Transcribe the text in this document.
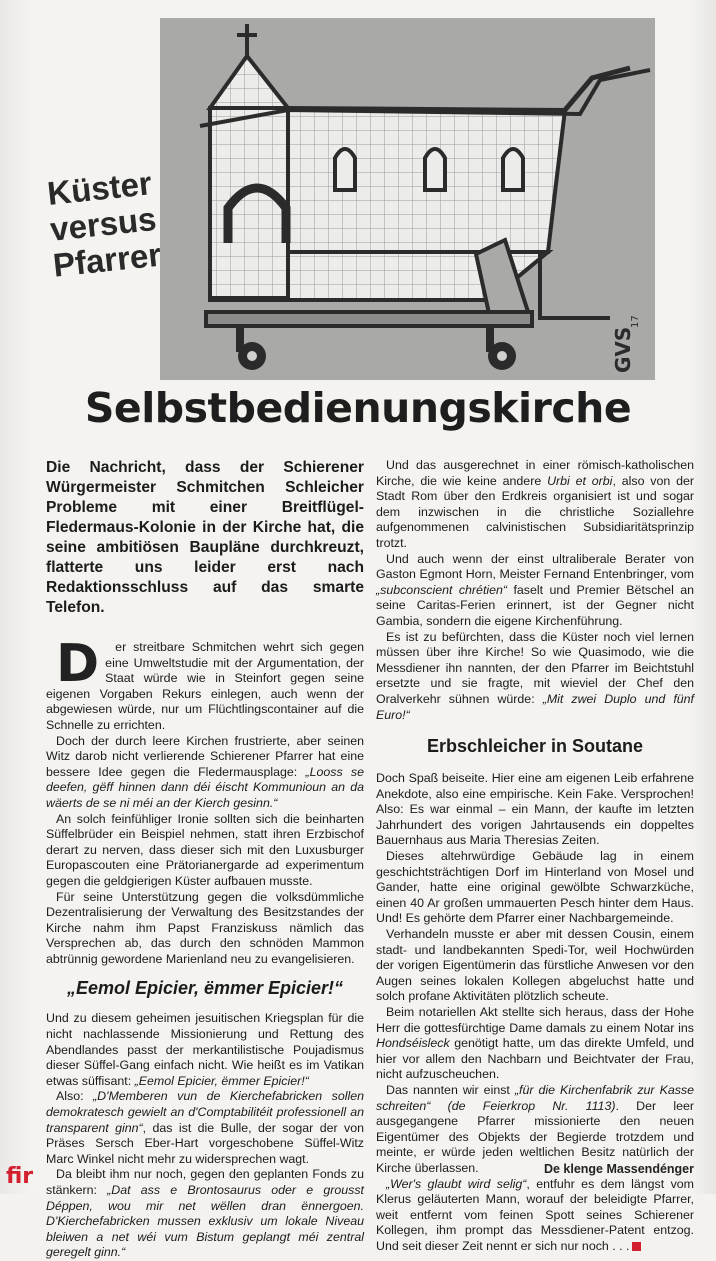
GVS
17
Küster
versus
Pfarrer
Selbstbedienungskirche

Die Nachricht, dass der Schierener Würgermeister Schmitchen Schleicher Probleme mit einer Breitflügel-Fledermaus-Kolonie in der Kirche hat, die seine ambitiösen Baupläne durchkreuzt, flatterte uns leider erst nach Redaktionsschluss auf das smarte Telefon.

D er streitbare Schmitchen wehrt sich gegen eine Umweltstudie mit der Argumentation, der Staat würde wie in Steinfort gegen seine eigenen Vorgaben Rekurs einlegen, auch wenn der abgewiesen würde, nur um Flüchtlingscontainer auf die Schnelle zu errichten.

Doch der durch leere Kirchen frustrierte, aber seinen Witz darob nicht verlierende Schierener Pfarrer hat eine bessere Idee gegen die Fledermausplage: „Looss se deefen, gëff hinnen dann déi éischt Kommunioun an da wäerts de se ni méi an der Kierch gesinn.“

An solch feinfühliger Ironie sollten sich die beinharten Süffelbrüder ein Beispiel nehmen, statt ihren Erzbischof derart zu nerven, dass dieser sich mit den Luxusburger Europascouten eine Prätorianergarde ad experimentum gegen die geldgierigen Küster aufbauen musste.

Für seine Unterstützung gegen die volksdümmliche Dezentralisierung der Verwaltung des Besitzstandes der Kirche nahm ihm Papst Franziskuss nämlich das Versprechen ab, das durch den schnöden Mammon abtrünnig gewordene Marienland neu zu evangelisieren.

„Eemol Epicier, ëmmer Epicier!“

Und zu diesem geheimen jesuitischen Kriegsplan für die nicht nachlassende Missionierung und Rettung des Abendlandes passt der merkantilistische Poujadismus dieser Süffel-Gang einfach nicht. Wie heißt es im Vatikan etwas süffisant: „Eemol Epicier, ëmmer Epicier!“

Also: „D'Memberen vun de Kierchefabricken sollen demokratesch gewielt an d'Comptabilitéit professionell an transparent ginn“, das ist die Bulle, der sogar der von Präses Sersch Eber-Hart vorgeschobene Süffel-Witz Marc Winkel nicht mehr zu widersprechen wagt.

Da bleibt ihm nur noch, gegen den geplanten Fonds zu stänkern: „Dat ass e Brontosaurus oder e grousst Déppen, wou mir net wëllen dran ënnergoen. D'Kierchefabricken mussen exklusiv um lokale Niveau bleiwen a net wéi vum Bistum geplangt méi zentral geregelt ginn.“

Und das ausgerechnet in einer römisch-katholischen Kirche, die wie keine andere Urbi et orbi, also von der Stadt Rom über den Erdkreis organisiert ist und sogar dem inzwischen in die christliche Soziallehre aufgenommenen calvinistischen Subsidiaritätsprinzip trotzt.

Und auch wenn der einst ultraliberale Berater von Gaston Egmont Horn, Meister Fernand Entenbringer, vom „subconscient chrétien“ faselt und Premier Bëtschel an seine Caritas-Ferien erinnert, ist der Gegner nicht Gambia, sondern die eigene Kirchenführung.

Es ist zu befürchten, dass die Küster noch viel lernen müssen über ihre Kirche! So wie Quasimodo, wie die Messdiener ihn nannten, der den Pfarrer im Beichtstuhl ersetzte und sie fragte, mit wieviel der Chef den Oralverkehr sühnen würde: „Mit zwei Duplo und fünf Euro!“

Erbschleicher in Soutane

Doch Spaß beiseite. Hier eine am eigenen Leib erfahrene Anekdote, also eine empirische. Kein Fake. Versprochen! Also: Es war einmal – ein Mann, der kaufte im letzten Jahrhundert des vorigen Jahrtausends ein doppeltes Bauernhaus aus Maria Theresias Zeiten.

Dieses altehrwürdige Gebäude lag in einem geschichtsträchtigen Dorf im Hinterland von Mosel und Gander, hatte eine original gewölbte Schwarzküche, einen 40 Ar großen ummauerten Pesch hinter dem Haus. Und! Es gehörte dem Pfarrer einer Nachbargemeinde.

Verhandeln musste er aber mit dessen Cousin, einem stadt- und landbekannten Spedi-Tor, weil Hochwürden der vorigen Eigentümerin das fürstliche Anwesen vor den Augen seines lokalen Kollegen abgeluchst hatte und solch profane Aktivitäten plötzlich scheute.

Beim notariellen Akt stellte sich heraus, dass der Hohe Herr die gottesfürchtige Dame damals zu einem Notar ins Hondséisleck genötigt hatte, um das direkte Umfeld, und hier vor allem den Nachbarn und Beichtvater der Frau, nicht aufzuscheuchen.

Das nannten wir einst „für die Kirchenfabrik zur Kasse schreiten“ (de Feierkrop Nr. 1113). Der leer ausgegangene Pfarrer missionierte den neuen Eigentümer des Objekts der Begierde trotzdem und meinte, er würde jeden weltlichen Besitz natürlich der Kirche überlassen.

„Wer's glaubt wird selig“, entfuhr es dem längst vom Klerus geläuterten Mann, worauf der beleidigte Pfarrer, weit entfernt vom feinen Spott seines Schierener Kollegen, ihm prompt das Messdiener-Patent entzog. Und seit dieser Zeit nennt er sich nur noch . . .

fir	De klenge Massendénger
